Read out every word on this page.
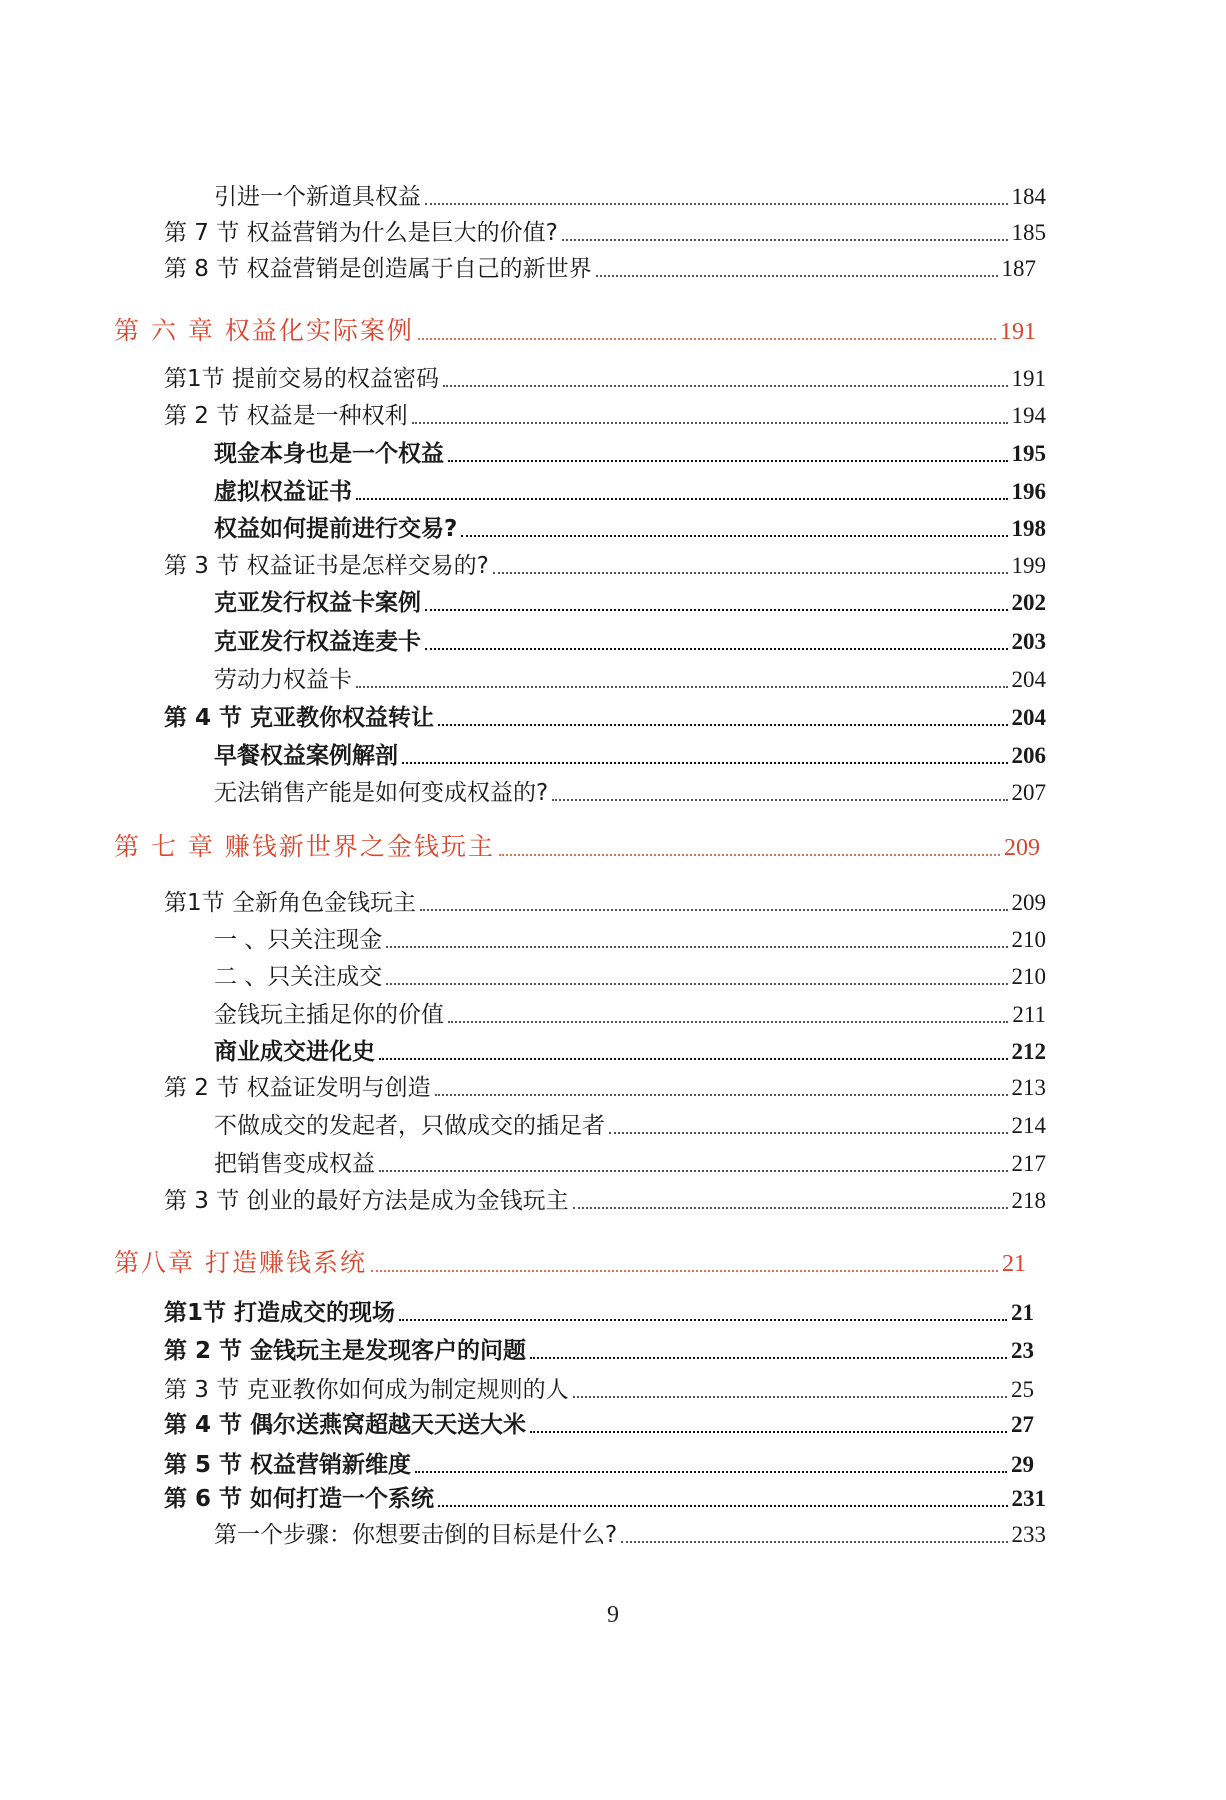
引进一个新道具权益	184
第 7 节 权益营销为什么是巨大的价值?	185
第 8 节 权益营销是创造属于自己的新世界	187
第 六 章 权益化实际案例	191
第1节 提前交易的权益密码	191
第 2 节 权益是一种权利	194
现金本身也是一个权益	195
虚拟权益证书	196
权益如何提前进行交易?	198
第 3 节 权益证书是怎样交易的?	199
克亚发行权益卡案例	202
克亚发行权益连麦卡	203
劳动力权益卡	204
第 4 节 克亚教你权益转让	204
早餐权益案例解剖	206
无法销售产能是如何变成权益的?	207
第 七 章 赚钱新世界之金钱玩主	209
第1节 全新角色金钱玩主	209
一 、只关注现金	210
二 、只关注成交	210
金钱玩主插足你的价值	211
商业成交进化史	212
第 2 节 权益证发明与创造	213
不做成交的发起者，只做成交的插足者	214
把销售变成权益	217
第 3 节 创业的最好方法是成为金钱玩主	218
第八章 打造赚钱系统	21
第1节 打造成交的现场	21
第 2 节 金钱玩主是发现客户的问题	23
第 3 节 克亚教你如何成为制定规则的人	25
第 4 节 偶尔送燕窝超越天天送大米	27
第 5 节 权益营销新维度	29
第 6 节 如何打造一个系统	231
第一个步骤：你想要击倒的目标是什么?	233
9
